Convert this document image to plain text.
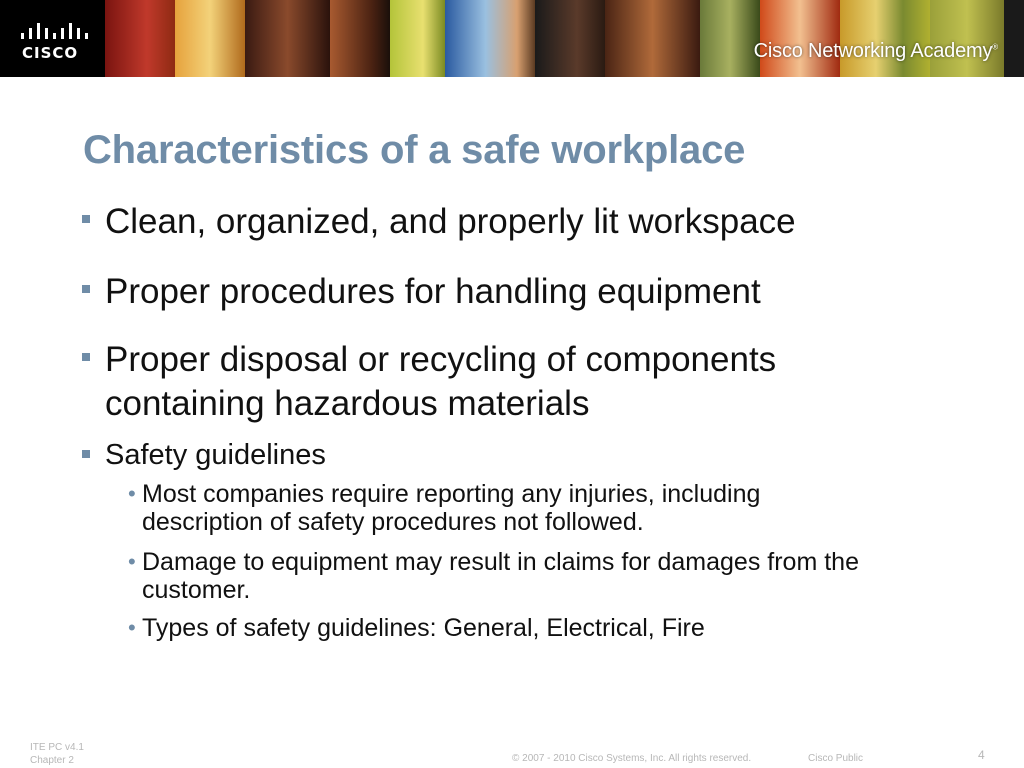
CISCO	Cisco Networking Academy®
Characteristics of a safe workplace
Clean, organized, and properly lit workspace
Proper procedures for handling equipment
Proper disposal or recycling of components containing hazardous materials
Safety guidelines
• Most companies require reporting any injuries, including description of safety procedures not followed.
• Damage to equipment may result in claims for damages from the customer.
• Types of safety guidelines: General, Electrical, Fire
ITE PC v4.1
Chapter 2	© 2007 - 2010 Cisco Systems, Inc. All rights reserved.	Cisco Public	4
